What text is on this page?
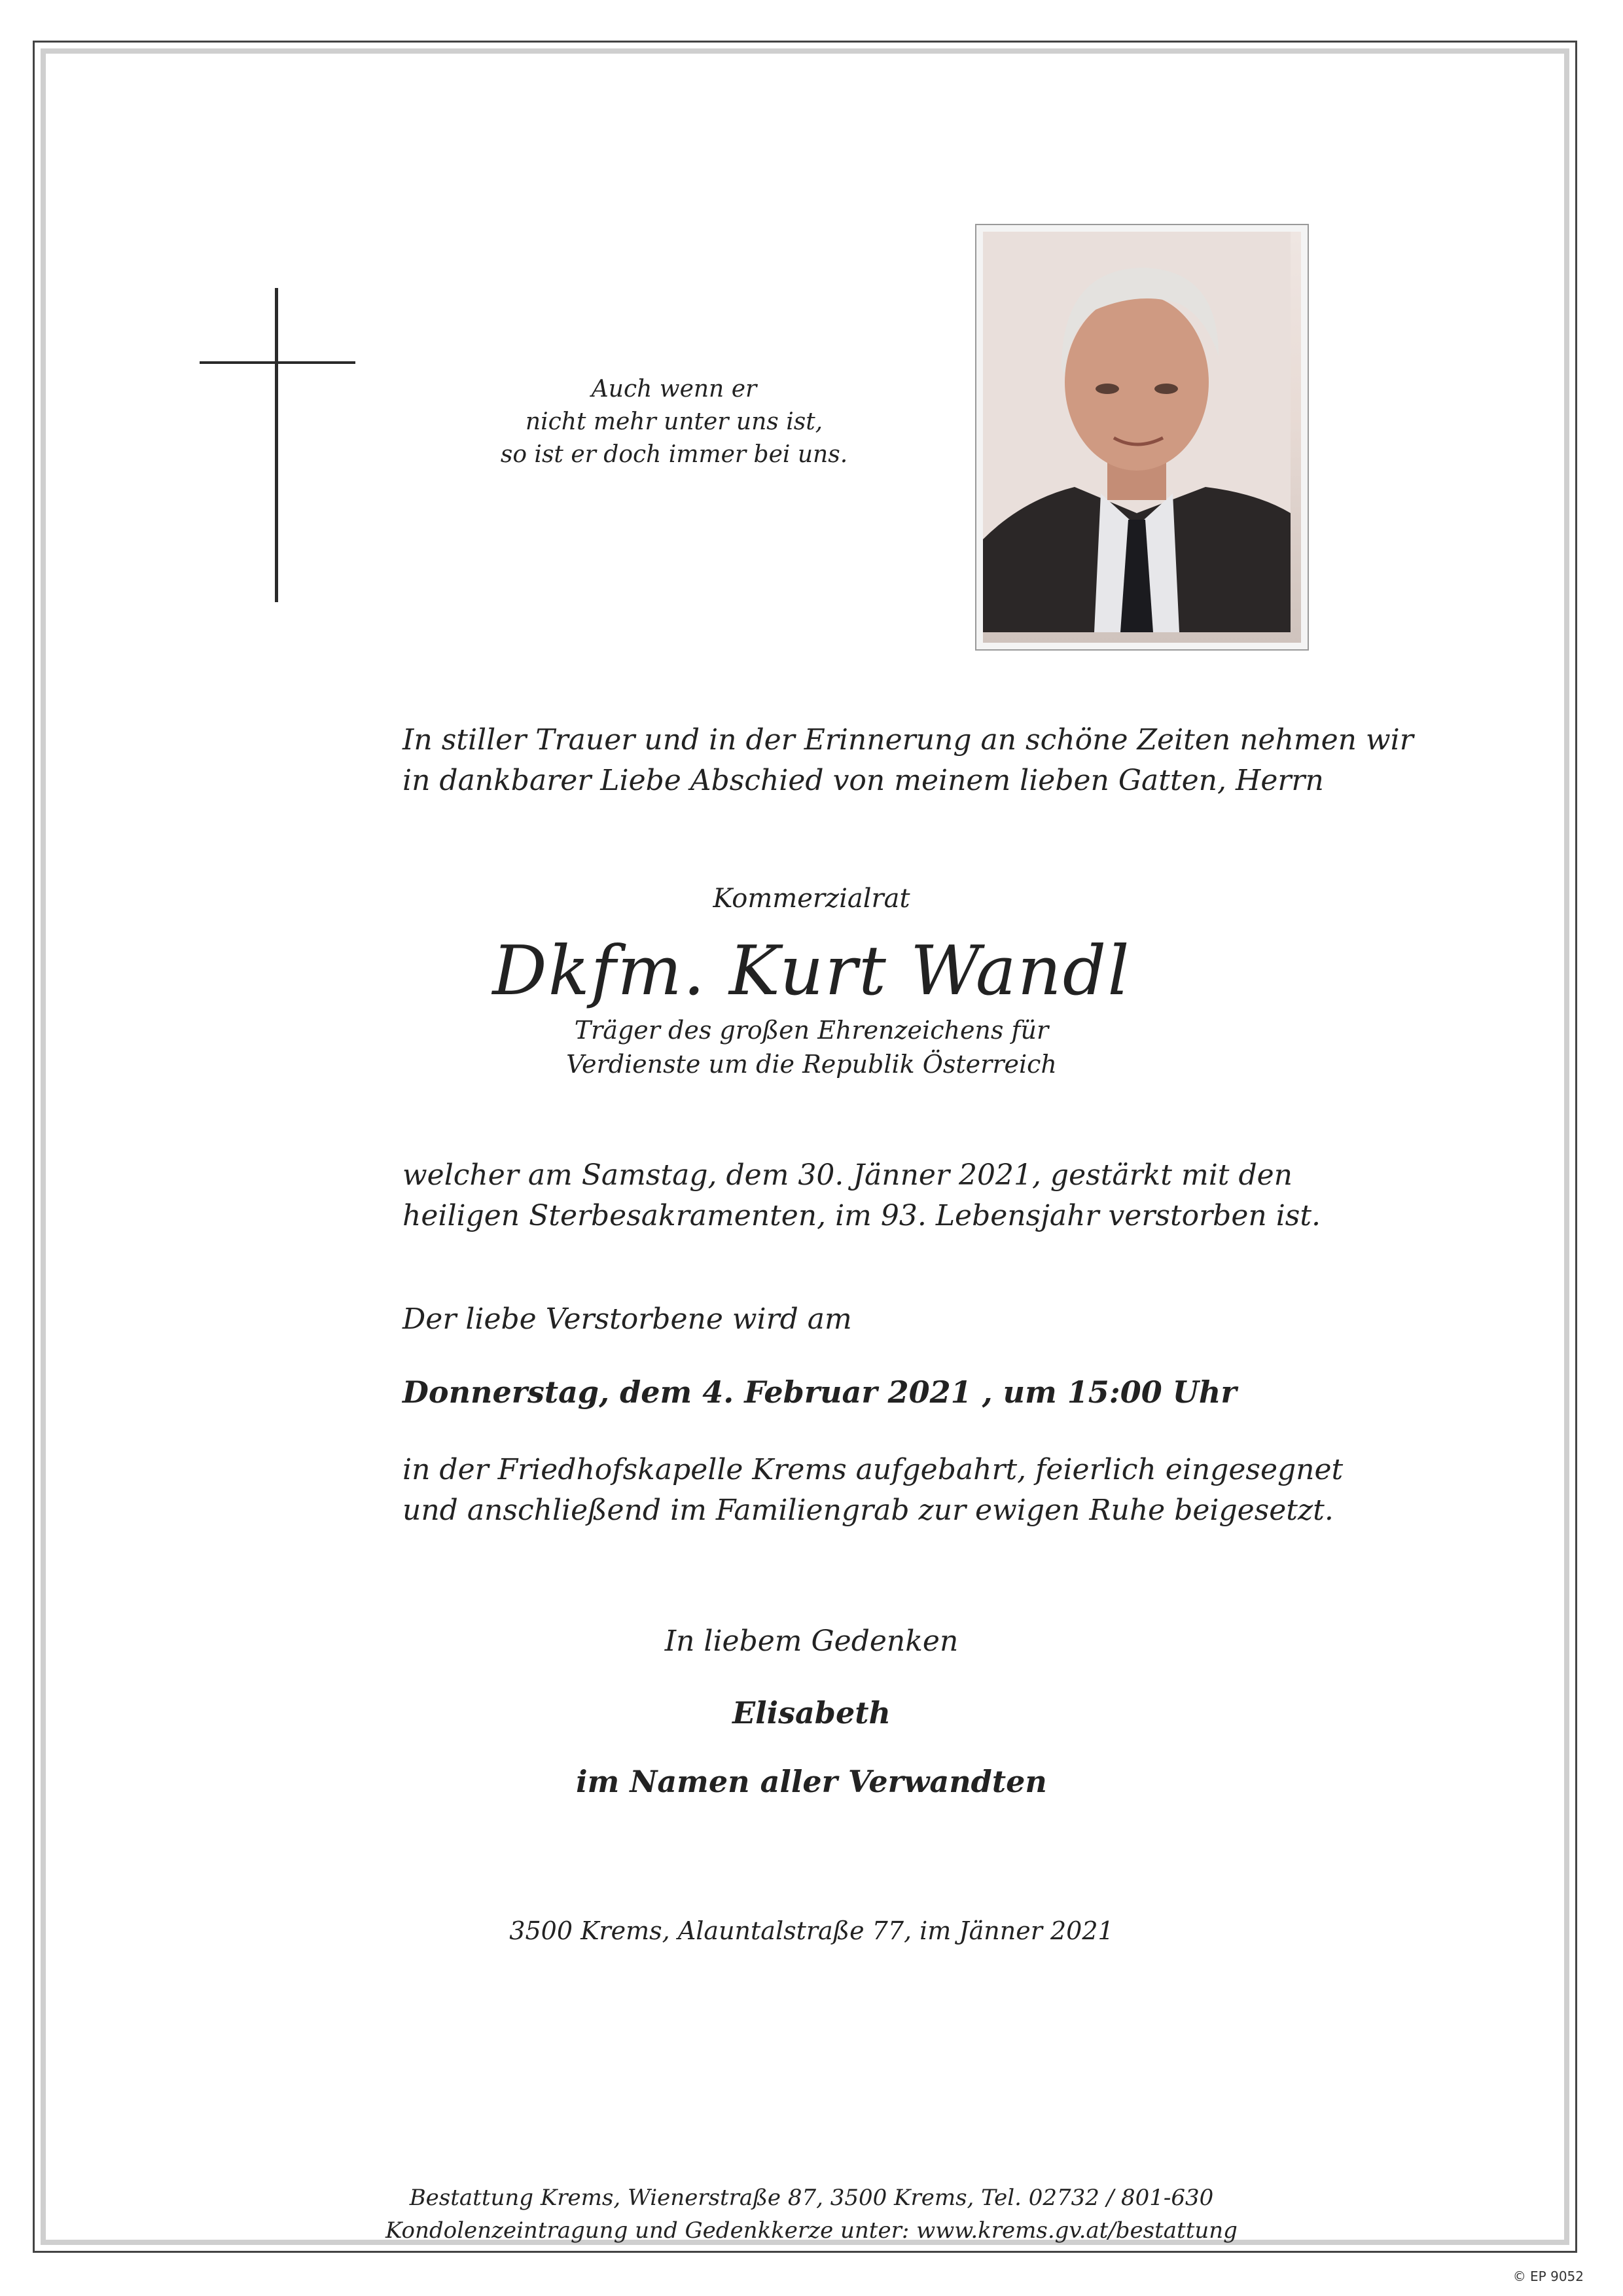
Auch wenn er
nicht mehr unter uns ist,
so ist er doch immer bei uns.
In stiller Trauer und in der Erinnerung an schöne Zeiten nehmen wir
in dankbarer Liebe Abschied von meinem lieben Gatten, Herrn
Kommerzialrat
Dkfm. Kurt Wandl
Träger des großen Ehrenzeichens für
Verdienste um die Republik Österreich
welcher am Samstag, dem 30. Jänner 2021, gestärkt mit den
heiligen Sterbesakramenten, im 93. Lebensjahr verstorben ist.
Der liebe Verstorbene wird am
Donnerstag, dem 4. Februar 2021 , um 15:00 Uhr
in der Friedhofskapelle Krems aufgebahrt, feierlich eingesegnet
und anschließend im Familiengrab zur ewigen Ruhe beigesetzt.
In liebem Gedenken
Elisabeth
im Namen aller Verwandten
3500 Krems, Alauntalstraße 77, im Jänner 2021
Bestattung Krems, Wienerstraße 87, 3500 Krems, Tel. 02732 / 801-630
Kondolenzeintragung und Gedenkkerze unter: www.krems.gv.at/bestattung
© EP 9052
